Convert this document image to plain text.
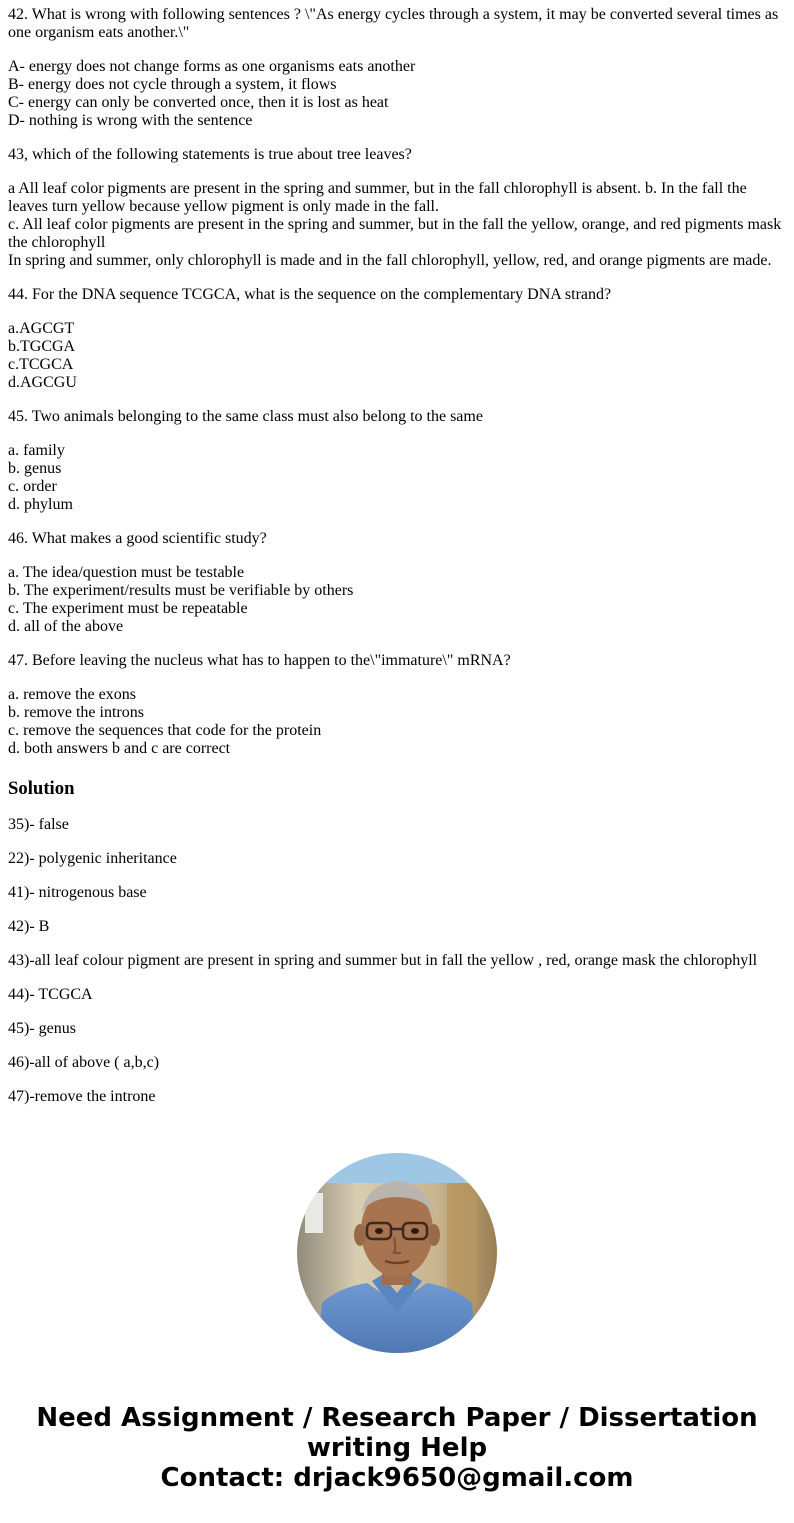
42. What is wrong with following sentences ? \"As energy cycles through a system, it may be converted several times as one organism eats another.\"
A- energy does not change forms as one organisms eats another
B- energy does not cycle through a system, it flows
C- energy can only be converted once, then it is lost as heat
D- nothing is wrong with the sentence
43, which of the following statements is true about tree leaves?
a All leaf color pigments are present in the spring and summer, but in the fall chlorophyll is absent. b. In the fall the leaves turn yellow because yellow pigment is only made in the fall.
c. All leaf color pigments are present in the spring and summer, but in the fall the yellow, orange, and red pigments mask the chlorophyll
In spring and summer, only chlorophyll is made and in the fall chlorophyll, yellow, red, and orange pigments are made.
44. For the DNA sequence TCGCA, what is the sequence on the complementary DNA strand?
a.AGCGT
b.TGCGA
c.TCGCA
d.AGCGU
45. Two animals belonging to the same class must also belong to the same
a. family
b. genus
c. order
d. phylum
46. What makes a good scientific study?
a. The idea/question must be testable
b. The experiment/results must be verifiable by others
c. The experiment must be repeatable
d. all of the above
47. Before leaving the nucleus what has to happen to the\"immature\" mRNA?
a. remove the exons
b. remove the introns
c. remove the sequences that code for the protein
d. both answers b and c are correct
Solution
35)- false
22)- polygenic inheritance
41)- nitrogenous base
42)- B
43)-all leaf colour pigment are present in spring and summer but in fall the yellow , red, orange mask the chlorophyll
44)- TCGCA
45)- genus
46)-all of above ( a,b,c)
47)-remove the introne
Need Assignment / Research Paper / Dissertation
writing Help
Contact: drjack9650@gmail.com
